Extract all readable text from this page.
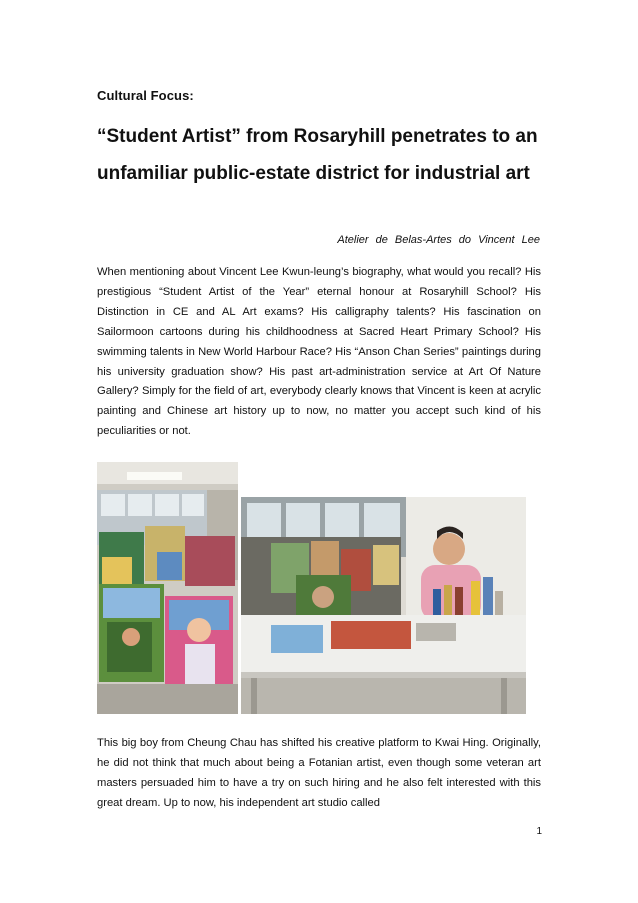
Cultural Focus:
“Student Artist” from Rosaryhill penetrates to an unfamiliar public-estate district for industrial art
Atelier de Belas-Artes do Vincent Lee

When mentioning about Vincent Lee Kwun-leung’s biography, what would you recall? His prestigious “Student Artist of the Year” eternal honour at Rosaryhill School? His Distinction in CE and AL Art exams? His calligraphy talents? His fascination on Sailormoon cartoons during his childhoodness at Sacred Heart Primary School? His swimming talents in New World Harbour Race? His “Anson Chan Series” paintings during his university graduation show? His past art-administration service at Art Of Nature Gallery? Simply for the field of art, everybody clearly knows that Vincent is keen at acrylic painting and Chinese art history up to now, no matter you accept such kind of his peculiarities or not.

This big boy from Cheung Chau has shifted his creative platform to Kwai Hing. Originally, he did not think that much about being a Fotanian artist, even though some veteran art masters persuaded him to have a try on such hiring and he also felt interested with this great dream. Up to now, his independent art studio called

1
